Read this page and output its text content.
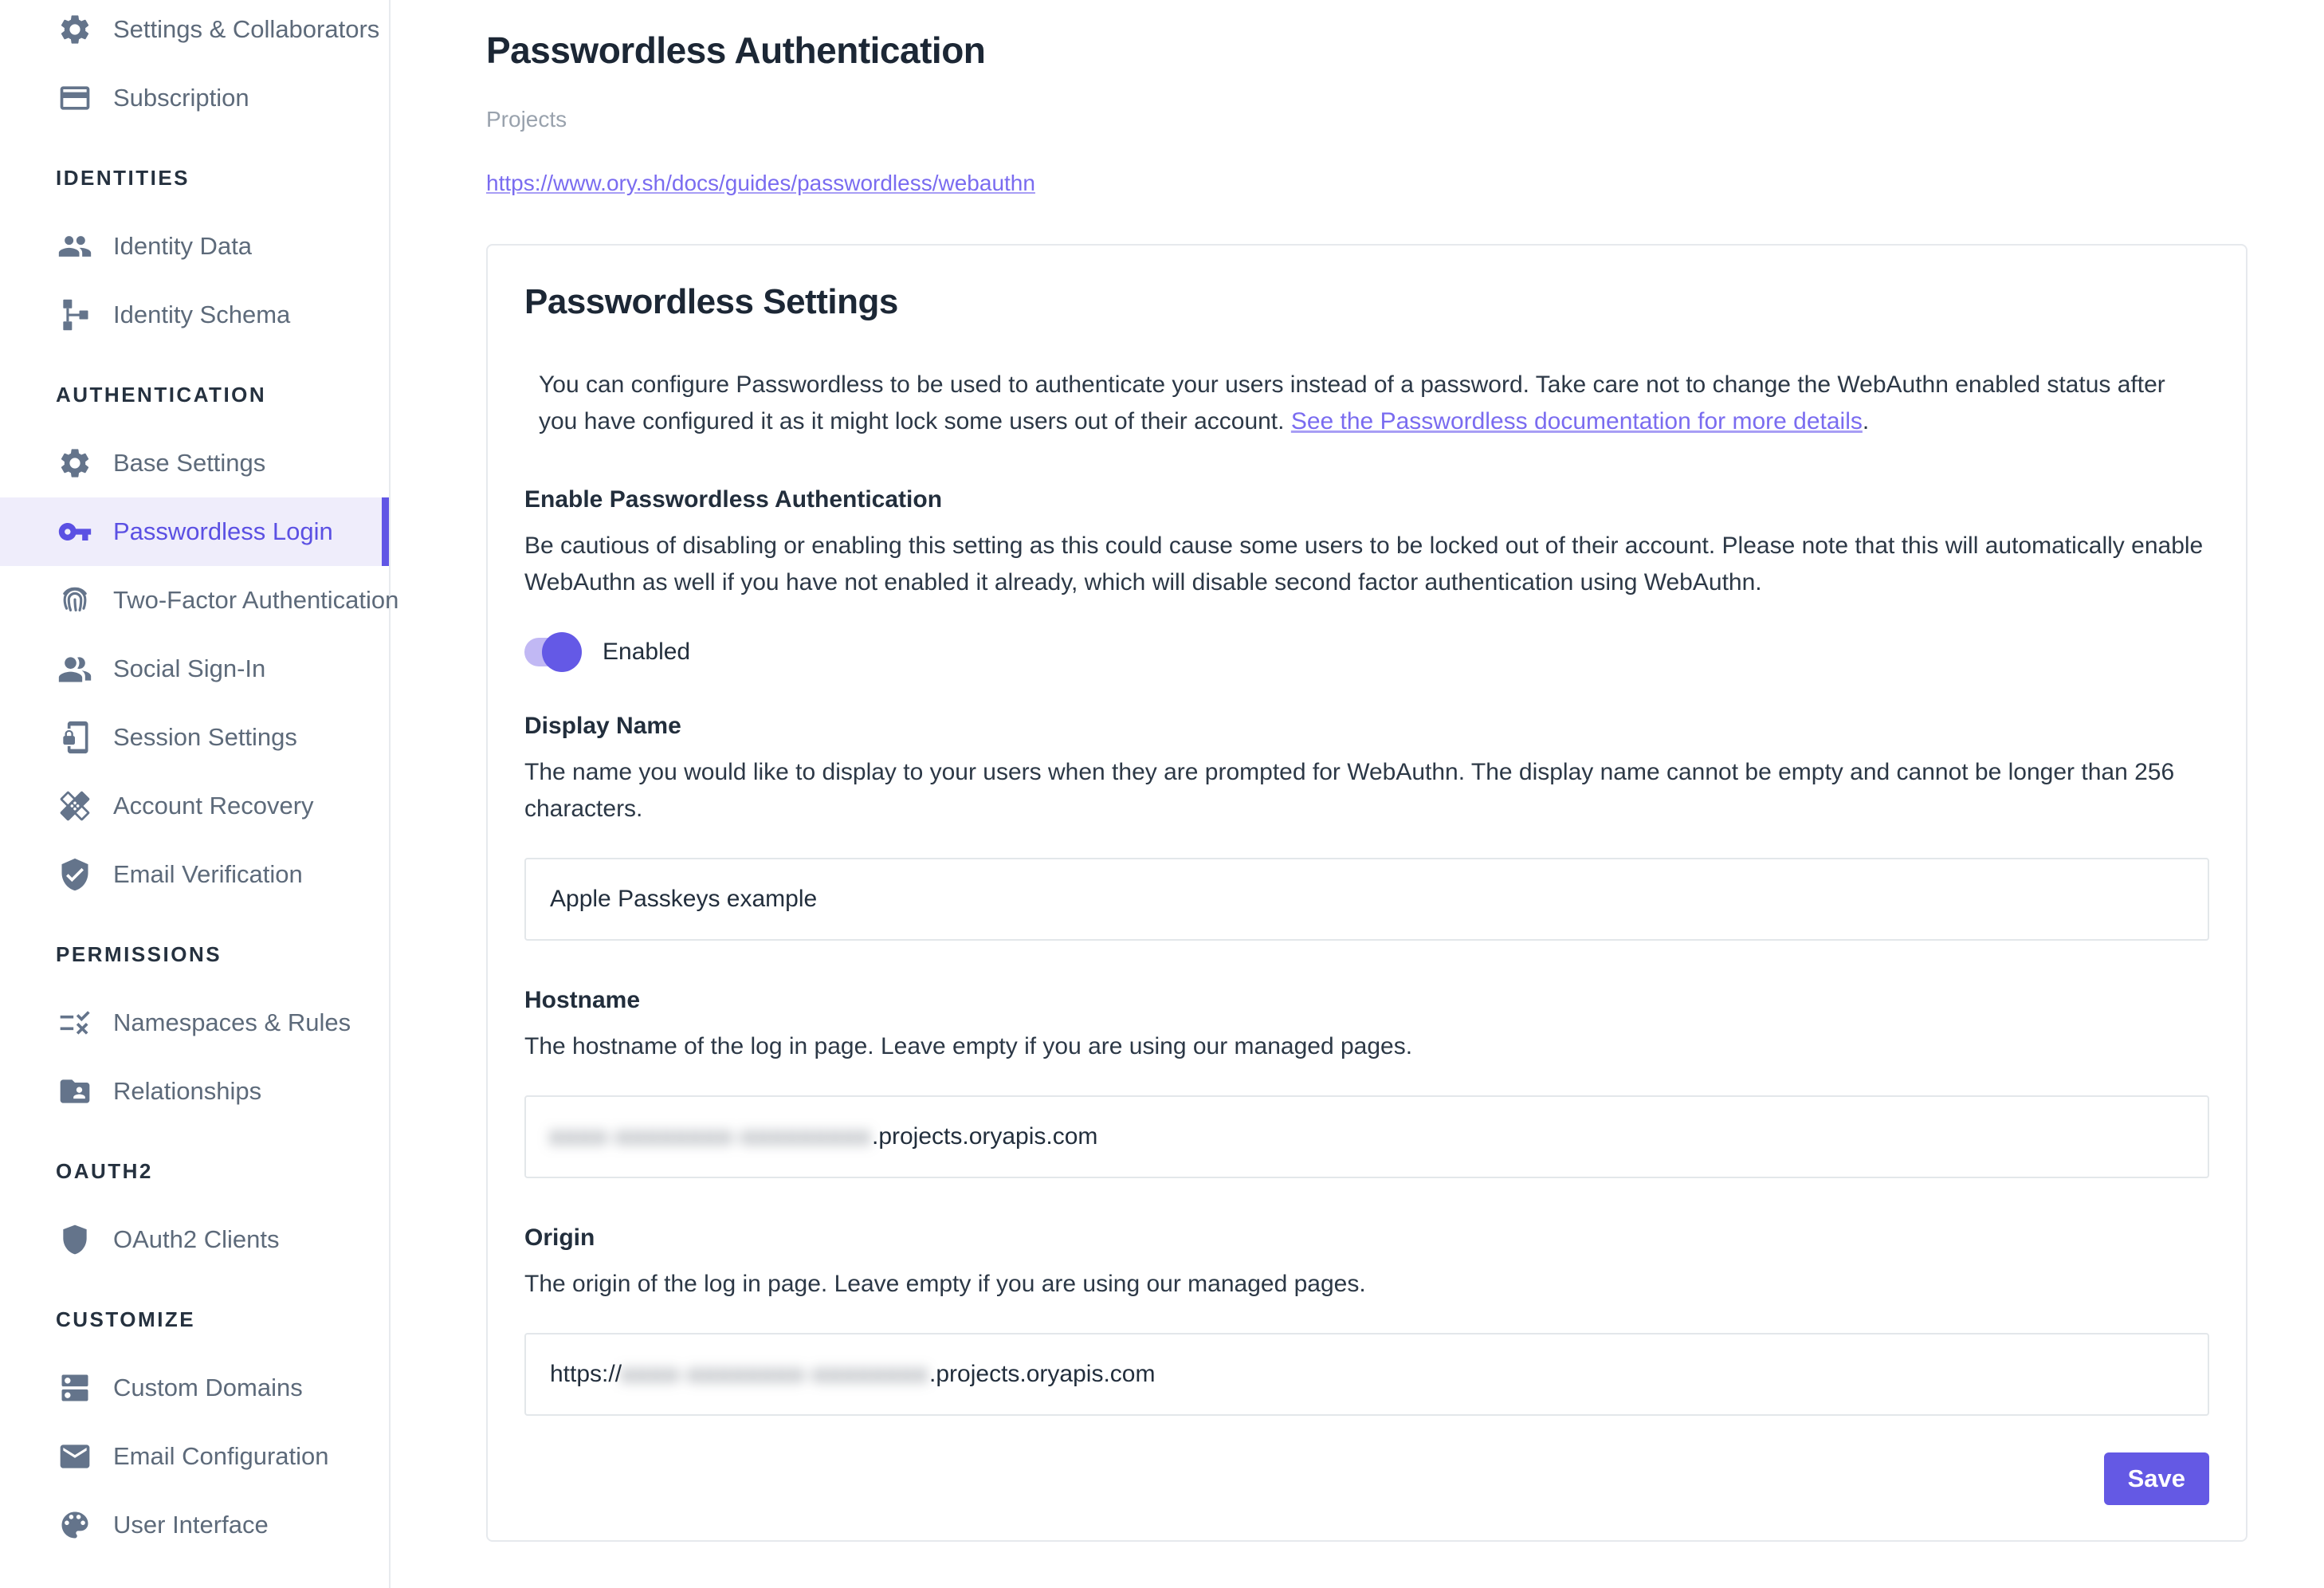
Settings & Collaborators
Subscription
IDENTITIES
Identity Data
Identity Schema
AUTHENTICATION
Base Settings
Passwordless Login
Two-Factor Authentication
Social Sign-In
Session Settings
Account Recovery
Email Verification
PERMISSIONS
Namespaces & Rules
Relationships
OAUTH2
OAuth2 Clients
CUSTOMIZE
Custom Domains
Email Configuration
User Interface
Passwordless Authentication
Projects
https://www.ory.sh/docs/guides/passwordless/webauthn
Passwordless Settings
You can configure Passwordless to be used to authenticate your users instead of a password. Take care not to change the WebAuthn enabled status after you have configured it as it might lock some users out of their account. See the Passwordless documentation for more details.
Enable Passwordless Authentication
Be cautious of disabling or enabling this setting as this could cause some users to be locked out of their account. Please note that this will automatically enable WebAuthn as well if you have not enabled it already, which will disable second factor authentication using WebAuthn.
Enabled
Display Name
The name you would like to display to your users when they are prompted for WebAuthn. The display name cannot be empty and cannot be longer than 256 characters.
Apple Passkeys example
Hostname
The hostname of the log in page. Leave empty if you are using our managed pages.
xxxx-xxxxxxxx-xxxxxxxxx .projects.oryapis.com
Origin
The origin of the log in page. Leave empty if you are using our managed pages.
https:// xxxx-xxxxxxxx-xxxxxxxx .projects.oryapis.com
Save
